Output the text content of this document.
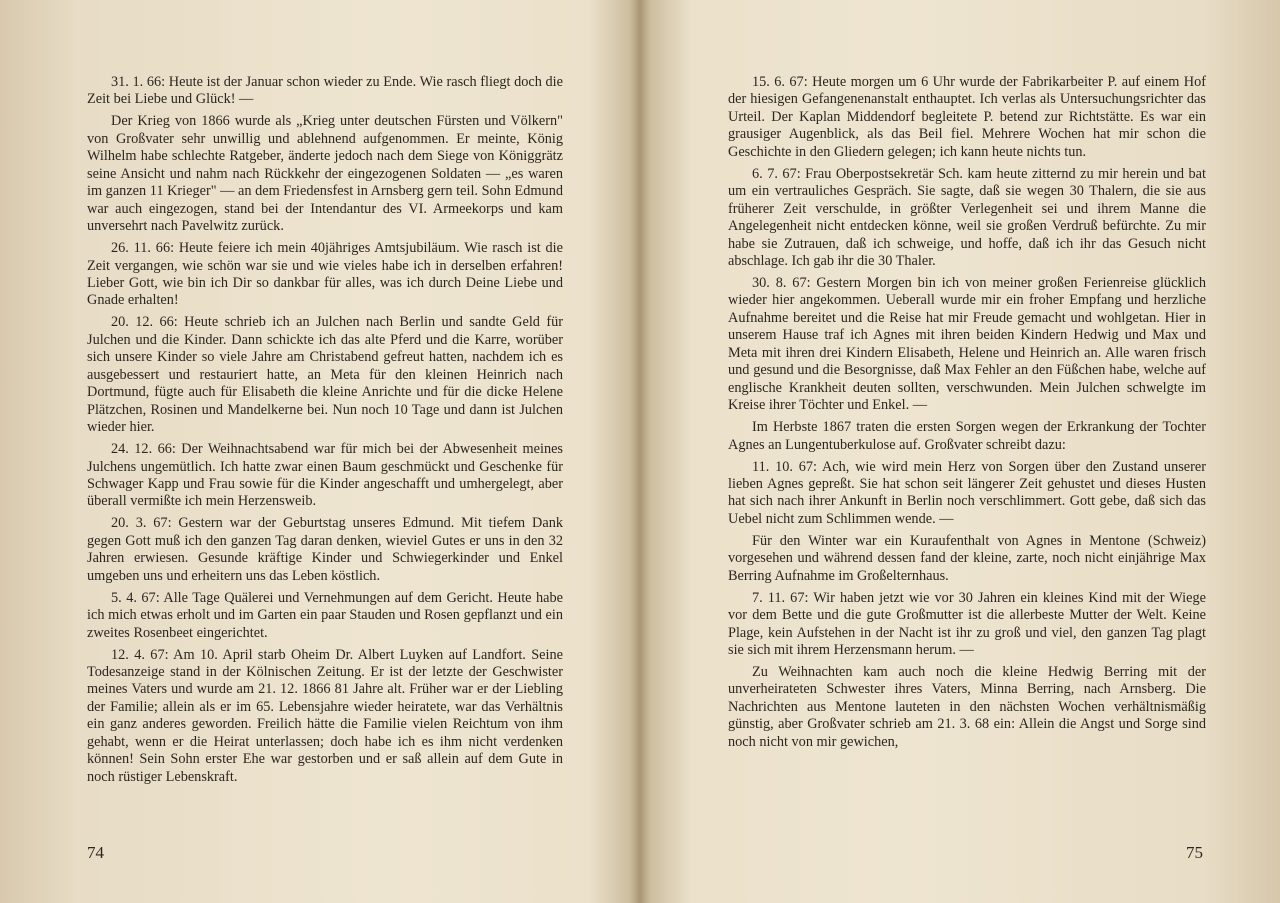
31. 1. 66: Heute ist der Januar schon wieder zu Ende. Wie rasch fliegt doch die Zeit bei Liebe und Glück! —

Der Krieg von 1866 wurde als „Krieg unter deutschen Fürsten und Völkern" von Großvater sehr unwillig und ablehnend aufgenommen. Er meinte, König Wilhelm habe schlechte Ratgeber, änderte jedoch nach dem Siege von Königgrätz seine Ansicht und nahm nach Rückkehr der eingezogenen Soldaten — „es waren im ganzen 11 Krieger" — an dem Friedensfest in Arnsberg gern teil. Sohn Edmund war auch eingezogen, stand bei der Intendantur des VI. Armeekorps und kam unversehrt nach Pavelwitz zurück.

26. 11. 66: Heute feiere ich mein 40jähriges Amtsjubiläum. Wie rasch ist die Zeit vergangen, wie schön war sie und wie vieles habe ich in derselben erfahren! Lieber Gott, wie bin ich Dir so dankbar für alles, was ich durch Deine Liebe und Gnade erhalten!

20. 12. 66: Heute schrieb ich an Julchen nach Berlin und sandte Geld für Julchen und die Kinder. Dann schickte ich das alte Pferd und die Karre, worüber sich unsere Kinder so viele Jahre am Christabend gefreut hatten, nachdem ich es ausgebessert und restauriert hatte, an Meta für den kleinen Heinrich nach Dortmund, fügte auch für Elisabeth die kleine Anrichte und für die dicke Helene Plätzchen, Rosinen und Mandelkerne bei. Nun noch 10 Tage und dann ist Julchen wieder hier.

24. 12. 66: Der Weihnachtsabend war für mich bei der Abwesenheit meines Julchens ungemütlich. Ich hatte zwar einen Baum geschmückt und Geschenke für Schwager Kapp und Frau sowie für die Kinder angeschafft und umhergelegt, aber überall vermißte ich mein Herzensweib.

20. 3. 67: Gestern war der Geburtstag unseres Edmund. Mit tiefem Dank gegen Gott muß ich den ganzen Tag daran denken, wieviel Gutes er uns in den 32 Jahren erwiesen. Gesunde kräftige Kinder und Schwiegerkinder und Enkel umgeben uns und erheitern uns das Leben köstlich.

5. 4. 67: Alle Tage Quälerei und Vernehmungen auf dem Gericht. Heute habe ich mich etwas erholt und im Garten ein paar Stauden und Rosen gepflanzt und ein zweites Rosenbeet eingerichtet.

12. 4. 67: Am 10. April starb Oheim Dr. Albert Luyken auf Landfort. Seine Todesanzeige stand in der Kölnischen Zeitung. Er ist der letzte der Geschwister meines Vaters und wurde am 21. 12. 1866 81 Jahre alt. Früher war er der Liebling der Familie; allein als er im 65. Lebensjahre wieder heiratete, war das Verhältnis ein ganz anderes geworden. Freilich hätte die Familie vielen Reichtum von ihm gehabt, wenn er die Heirat unterlassen; doch habe ich es ihm nicht verdenken können! Sein Sohn erster Ehe war gestorben und er saß allein auf dem Gute in noch rüstiger Lebenskraft.

74

15. 6. 67: Heute morgen um 6 Uhr wurde der Fabrikarbeiter P. auf einem Hof der hiesigen Gefangenenanstalt enthauptet. Ich verlas als Untersuchungsrichter das Urteil. Der Kaplan Middendorf begleitete P. betend zur Richtstätte. Es war ein grausiger Augenblick, als das Beil fiel. Mehrere Wochen hat mir schon die Geschichte in den Gliedern gelegen; ich kann heute nichts tun.

6. 7. 67: Frau Oberpostsekretär Sch. kam heute zitternd zu mir herein und bat um ein vertrauliches Gespräch. Sie sagte, daß sie wegen 30 Thalern, die sie aus früherer Zeit verschulde, in größter Verlegenheit sei und ihrem Manne die Angelegenheit nicht entdecken könne, weil sie großen Verdruß befürchte. Zu mir habe sie Zutrauen, daß ich schweige, und hoffe, daß ich ihr das Gesuch nicht abschlage. Ich gab ihr die 30 Thaler.

30. 8. 67: Gestern Morgen bin ich von meiner großen Ferienreise glücklich wieder hier angekommen. Ueberall wurde mir ein froher Empfang und herzliche Aufnahme bereitet und die Reise hat mir Freude gemacht und wohlgetan. Hier in unserem Hause traf ich Agnes mit ihren beiden Kindern Hedwig und Max und Meta mit ihren drei Kindern Elisabeth, Helene und Heinrich an. Alle waren frisch und gesund und die Besorgnisse, daß Max Fehler an den Füßchen habe, welche auf englische Krankheit deuten sollten, verschwunden. Mein Julchen schwelgte im Kreise ihrer Töchter und Enkel. —

Im Herbste 1867 traten die ersten Sorgen wegen der Erkrankung der Tochter Agnes an Lungentuberkulose auf. Großvater schreibt dazu:

11. 10. 67: Ach, wie wird mein Herz von Sorgen über den Zustand unserer lieben Agnes gepreßt. Sie hat schon seit längerer Zeit gehustet und dieses Husten hat sich nach ihrer Ankunft in Berlin noch verschlimmert. Gott gebe, daß sich das Uebel nicht zum Schlimmen wende. —

Für den Winter war ein Kuraufenthalt von Agnes in Mentone (Schweiz) vorgesehen und während dessen fand der kleine, zarte, noch nicht einjährige Max Berring Aufnahme im Großelternhaus.

7. 11. 67: Wir haben jetzt wie vor 30 Jahren ein kleines Kind mit der Wiege vor dem Bette und die gute Großmutter ist die allerbeste Mutter der Welt. Keine Plage, kein Aufstehen in der Nacht ist ihr zu groß und viel, den ganzen Tag plagt sie sich mit ihrem Herzensmann herum. —

Zu Weihnachten kam auch noch die kleine Hedwig Berring mit der unverheirateten Schwester ihres Vaters, Minna Berring, nach Arnsberg. Die Nachrichten aus Mentone lauteten in den nächsten Wochen verhältnismäßig günstig, aber Großvater schrieb am 21. 3. 68 ein: Allein die Angst und Sorge sind noch nicht von mir gewichen,

75
